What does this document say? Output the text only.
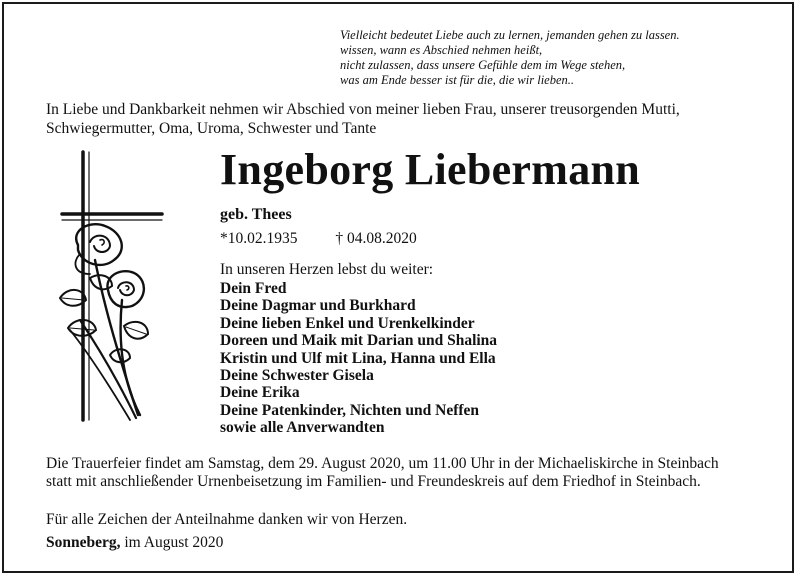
Vielleicht bedeutet Liebe auch zu lernen, jemanden gehen zu lassen.
wissen, wann es Abschied nehmen heißt,
nicht zulassen, dass unsere Gefühle dem im Wege stehen,
was am Ende besser ist für die, die wir lieben..
In Liebe und Dankbarkeit nehmen wir Abschied von meiner lieben Frau, unserer treusorgenden Mutti, Schwiegermutter, Oma, Uroma, Schwester und Tante
Ingeborg Liebermann
geb. Thees
*10.02.1935 † 04.08.2020
In unseren Herzen lebst du weiter:
Dein Fred
Deine Dagmar und Burkhard
Deine lieben Enkel und Urenkelkinder
Doreen und Maik mit Darian und Shalina
Kristin und Ulf mit Lina, Hanna und Ella
Deine Schwester Gisela
Deine Erika
Deine Patenkinder, Nichten und Neffen
sowie alle Anverwandten
Die Trauerfeier findet am Samstag, dem 29. August 2020, um 11.00 Uhr in der Michaeliskirche in Steinbach statt mit anschließender Urnenbeisetzung im Familien- und Freundeskreis auf dem Friedhof in Steinbach.
Für alle Zeichen der Anteilnahme danken wir von Herzen.
Sonneberg, im August 2020
